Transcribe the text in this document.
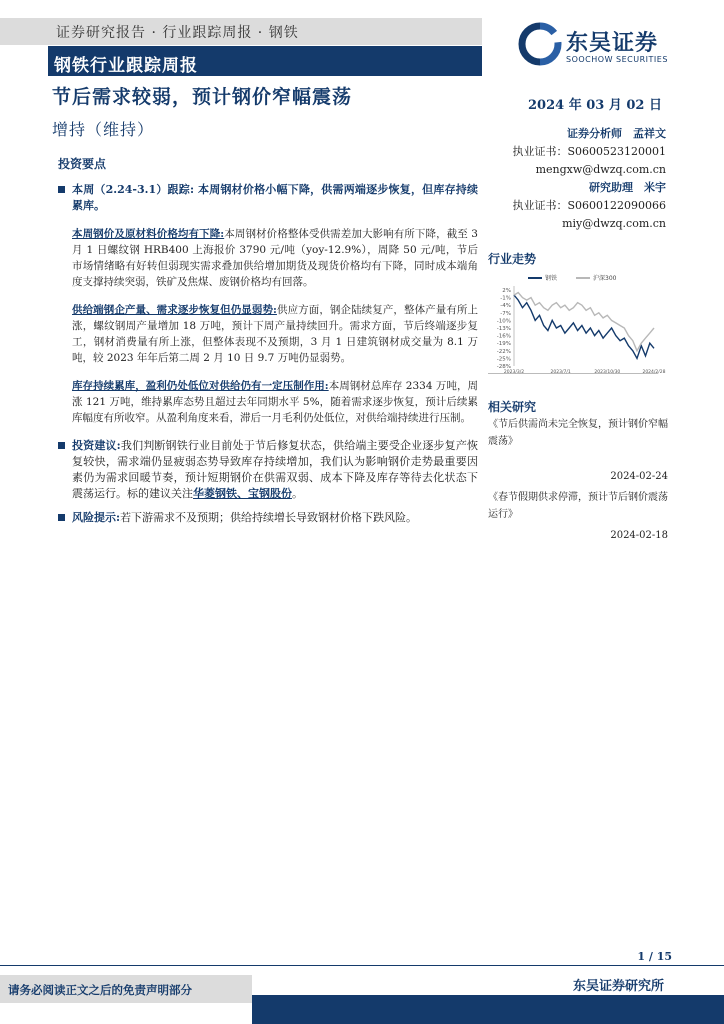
证券研究报告 · 行业跟踪周报 · 钢铁
钢铁行业跟踪周报
东吴证券
SOOCHOW SECURITIES
节后需求较弱，预计钢价窄幅震荡	2024 年 03 月 02 日
增持（维持）	证券分析师　孟祥文
执业证书：S0600523120001
mengxw@dwzq.com.cn
研究助理　米宇
执业证书：S0600122090066
miy@dwzq.com.cn
行业走势
2%
-1%
-4%
-7%
-10%
-13%
-16%
-19%
-22%
-25%
-28%
2023/3/2	2023/7/1	2023/10/30	2024/2/28
钢铁	沪深300
相关研究
《节后供需尚未完全恢复，预计钢价窄幅震荡》
2024-02-24
《春节假期供求停滞，预计节后钢价震荡运行》
2024-02-18
投资要点
本周（2.24-3.1）跟踪: 本周钢材价格小幅下降，供需两端逐步恢复，但库存持续累库。
本周钢价及原材料价格均有下降:本周钢材价格整体受供需差加大影响有所下降，截至 3 月 1 日螺纹钢 HRB400 上海报价 3790 元/吨（yoy-12.9%），周降 50 元/吨，节后市场情绪略有好转但弱现实需求叠加供给增加期货及现货价格均有下降，同时成本端角度支撑持续突弱，铁矿及焦煤、废钢价格均有回落。
供给端钢企产量、需求逐步恢复但仍显弱势:供应方面，钢企陆续复产，整体产量有所上涨，螺纹钢周产量增加 18 万吨，预计下周产量持续回升。需求方面，节后终端逐步复工，钢材消费量有所上涨，但整体表现不及预期，3 月 1 日建筑钢材成交量为 8.1 万吨，较 2023 年年后第二周 2 月 10 日 9.7 万吨仍显弱势。
库存持续累库，盈利仍处低位对供给仍有一定压制作用:本周钢材总库存 2334 万吨，周涨 121 万吨，维持累库态势且超过去年同期水平 5%，随着需求逐步恢复，预计后续累库幅度有所收窄。从盈利角度来看，滞后一月毛利仍处低位，对供给端持续进行压制。
投资建议:我们判断钢铁行业目前处于节后修复状态，供给端主要受企业逐步复产恢复较快，需求端仍显疲弱态势导致库存持续增加，我们认为影响钢价走势最重要因素仍为需求回暖节奏，预计短期钢价在供需双弱、成本下降及库存等待去化状态下震荡运行。标的建议关注华菱钢铁、宝钢股份。
风险提示:若下游需求不及预期；供给持续增长导致钢材价格下跌风险。
1 / 15
请务必阅读正文之后的免责声明部分	东吴证券研究所
